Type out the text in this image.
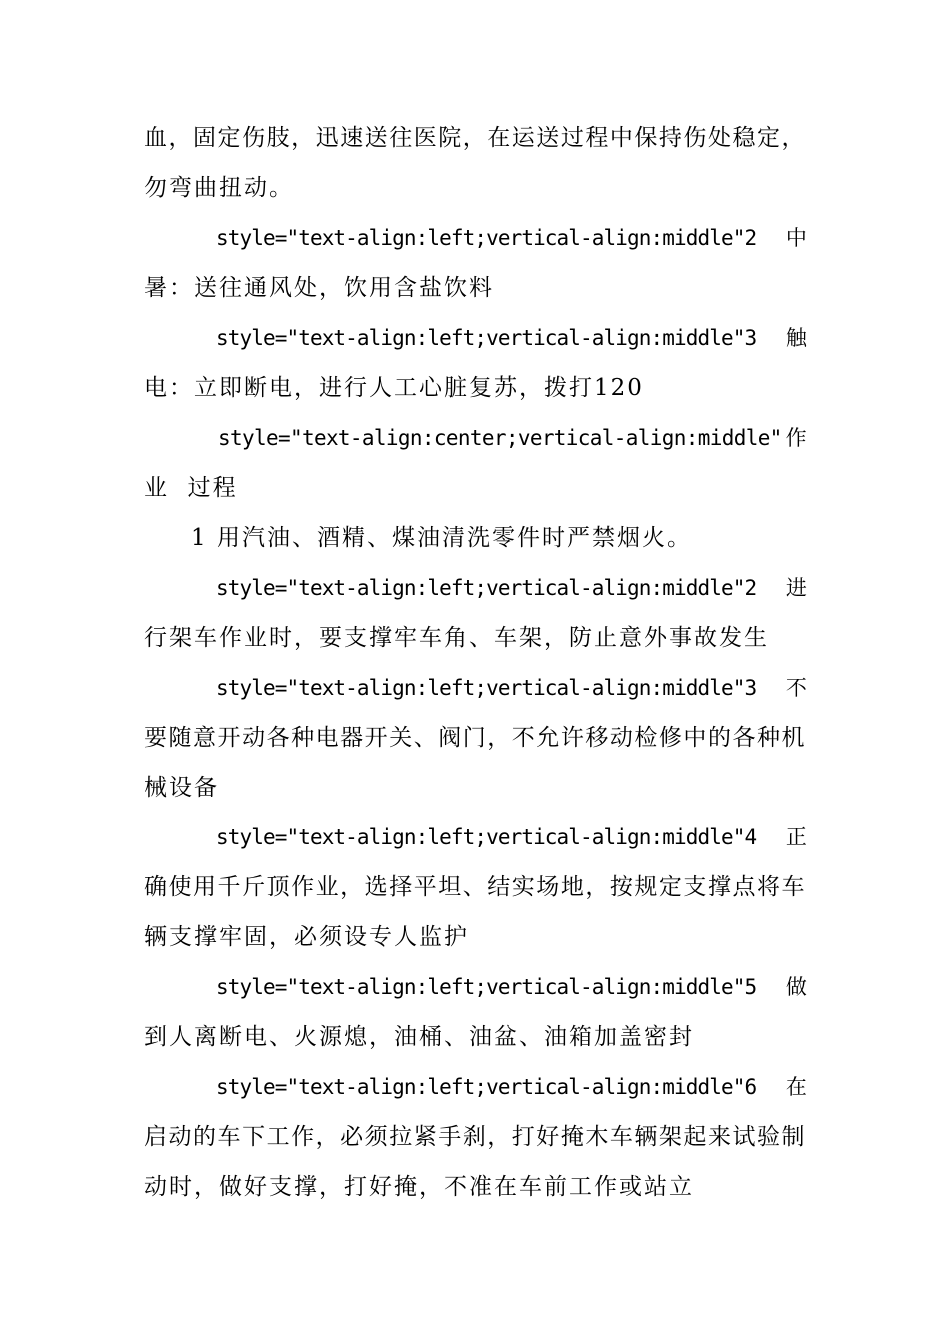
血，固定伤肢，迅速送往医院，在运送过程中保持伤处稳定，
勿弯曲扭动。
style="text-align:left;vertical-align:middle"2  中
暑：送往通风处，饮用含盐饮料
style="text-align:left;vertical-align:middle"3  触
电：立即断电，进行人工心脏复苏，拨打120
style="text-align:center;vertical-align:middle"作
业  过程
1 用汽油、酒精、煤油清洗零件时严禁烟火。
style="text-align:left;vertical-align:middle"2  进
行架车作业时，要支撑牢车角、车架，防止意外事故发生
style="text-align:left;vertical-align:middle"3  不
要随意开动各种电器开关、阀门，不允许移动检修中的各种机
械设备
style="text-align:left;vertical-align:middle"4  正
确使用千斤顶作业，选择平坦、结实场地，按规定支撑点将车
辆支撑牢固，必须设专人监护
style="text-align:left;vertical-align:middle"5  做
到人离断电、火源熄，油桶、油盆、油箱加盖密封
style="text-align:left;vertical-align:middle"6  在
启动的车下工作，必须拉紧手刹，打好掩木车辆架起来试验制
动时，做好支撑，打好掩，不准在车前工作或站立
